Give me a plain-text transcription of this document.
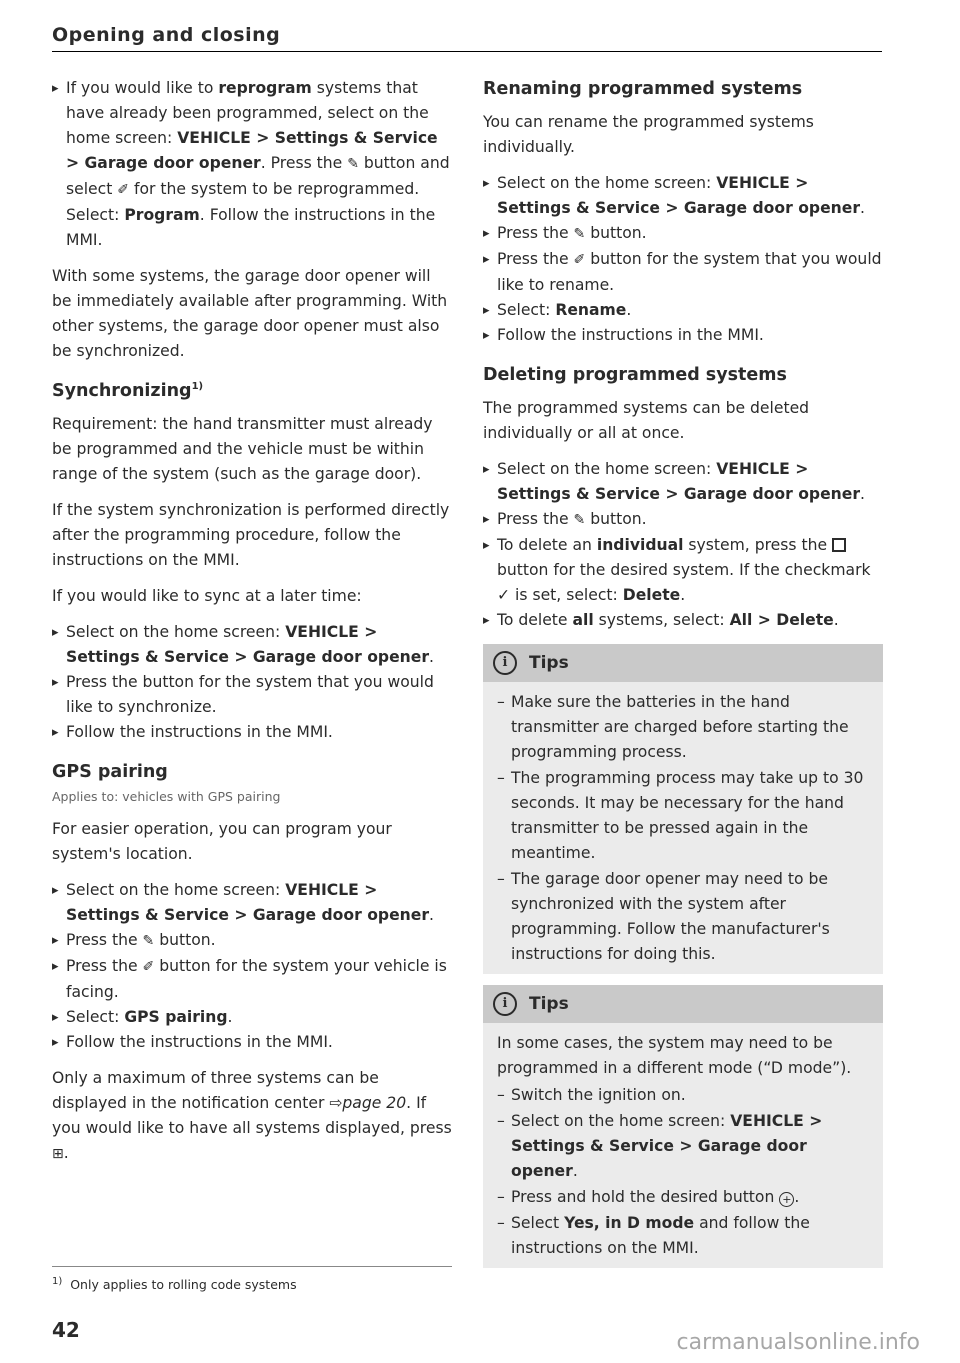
Opening and closing
▸ If you would like to reprogram systems that have already been programmed, select on the home screen: VEHICLE > Settings & Service > Garage door opener. Press the ✎ button and select ✐ for the system to be reprogrammed. Select: Program. Follow the instructions in the MMI.

With some systems, the garage door opener will be immediately available after programming. With other systems, the garage door opener must also be synchronized.

Synchronizing$^{1)}$

Requirement: the hand transmitter must already be programmed and the vehicle must be within range of the system (such as the garage door).

If the system synchronization is performed directly after the programming procedure, follow the instructions on the MMI.

If you would like to sync at a later time:

▸ Select on the home screen: VEHICLE > Settings & Service > Garage door opener.
▸ Press the button for the system that you would like to synchronize.
▸ Follow the instructions in the MMI.
GPS pairing
Applies to: vehicles with GPS pairing

For easier operation, you can program your system's location.

▸ Select on the home screen: VEHICLE > Settings & Service > Garage door opener.
▸ Press the ✎ button.
▸ Press the ✐ button for the system your vehicle is facing.
▸ Select: GPS pairing.
▸ Follow the instructions in the MMI.

Only a maximum of three systems can be displayed in the notification center ⇨page 20. If you would like to have all systems displayed, press ⊞.

Renaming programmed systems

You can rename the programmed systems individually.

▸ Select on the home screen: VEHICLE > Settings & Service > Garage door opener.
▸ Press the ✎ button.
▸ Press the ✐ button for the system that you would like to rename.
▸ Select: Rename.
▸ Follow the instructions in the MMI.
Deleting programmed systems

The programmed systems can be deleted individually or all at once.

▸ Select on the home screen: VEHICLE > Settings & Service > Garage door opener.
▸ Press the ✎ button.
▸ To delete an individual system, press the  button for the desired system. If the checkmark ✓ is set, select: Delete.
▸ To delete all systems, select: All > Delete.
i	Tips
– Make sure the batteries in the hand transmitter are charged before starting the programming process.
– The programming process may take up to 30 seconds. It may be necessary for the hand transmitter to be pressed again in the meantime.
– The garage door opener may need to be synchronized with the system after programming. Follow the manufacturer's instructions for doing this.
i	Tips

In some cases, the system may need to be programmed in a different mode (“D mode”).

– Switch the ignition on.
– Select on the home screen: VEHICLE > Settings & Service > Garage door opener.
– Press and hold the desired button + .
– Select Yes, in D mode and follow the instructions on the MMI.
$^{1)}$ Only applies to rolling code systems
42	carmanualsonline.info
